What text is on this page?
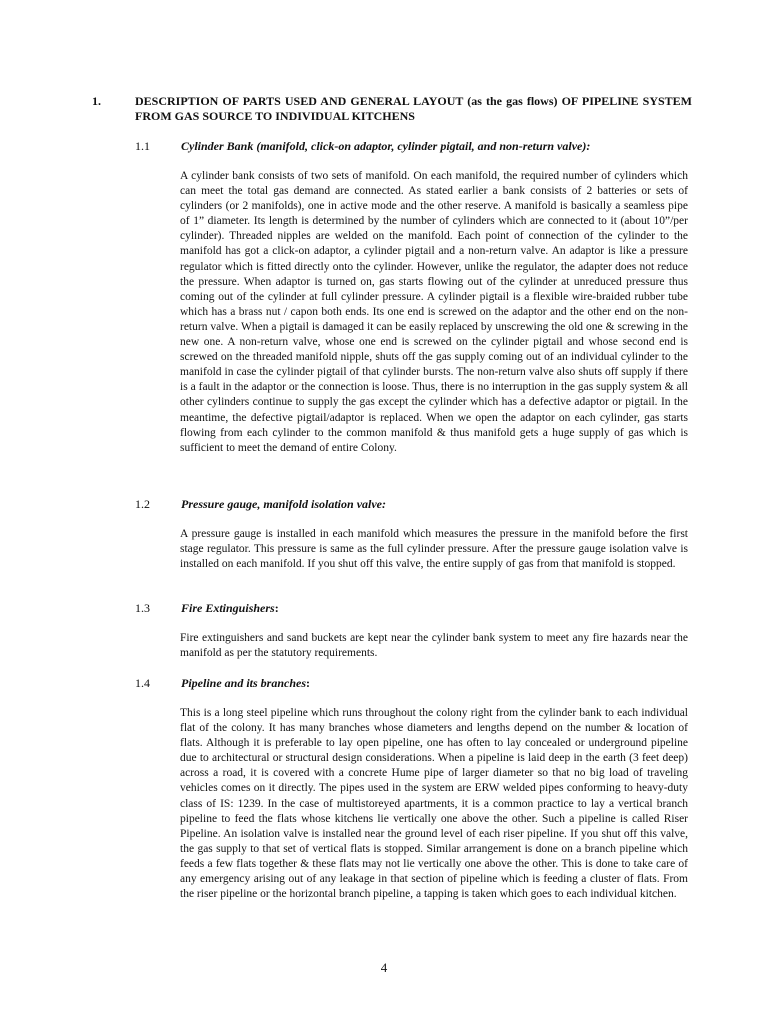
1.	DESCRIPTION OF PARTS USED AND GENERAL LAYOUT (as the gas flows) OF PIPELINE SYSTEM FROM GAS SOURCE TO INDIVIDUAL KITCHENS
1.1	Cylinder Bank (manifold, click-on adaptor, cylinder pigtail, and non-return valve):

A cylinder bank consists of two sets of manifold. On each manifold, the required number of cylinders which can meet the total gas demand are connected. As stated earlier a bank consists of 2 batteries or sets of cylinders (or 2 manifolds), one in active mode and the other reserve. A manifold is basically a seamless pipe of 1” diameter. Its length is determined by the number of cylinders which are connected to it (about 10”/per cylinder). Threaded nipples are welded on the manifold. Each point of connection of the cylinder to the manifold has got a click-on adaptor, a cylinder pigtail and a non-return valve. An adaptor is like a pressure regulator which is fitted directly onto the cylinder. However, unlike the regulator, the adapter does not reduce the pressure. When adaptor is turned on, gas starts flowing out of the cylinder at unreduced pressure thus coming out of the cylinder at full cylinder pressure. A cylinder pigtail is a flexible wire-braided rubber tube which has a brass nut / capon both ends. Its one end is screwed on the adaptor and the other end on the non-return valve. When a pigtail is damaged it can be easily replaced by unscrewing the old one & screwing in the new one. A non-return valve, whose one end is screwed on the cylinder pigtail and whose second end is screwed on the threaded manifold nipple, shuts off the gas supply coming out of an individual cylinder to the manifold in case the cylinder pigtail of that cylinder bursts. The non-return valve also shuts off supply if there is a fault in the adaptor or the connection is loose. Thus, there is no interruption in the gas supply system & all other cylinders continue to supply the gas except the cylinder which has a defective adaptor or pigtail. In the meantime, the defective pigtail/adaptor is replaced. When we open the adaptor on each cylinder, gas starts flowing from each cylinder to the common manifold & thus manifold gets a huge supply of gas which is sufficient to meet the demand of entire Colony.

1.2	Pressure gauge, manifold isolation valve:

A pressure gauge is installed in each manifold which measures the pressure in the manifold before the first stage regulator. This pressure is same as the full cylinder pressure. After the pressure gauge isolation valve is installed on each manifold. If you shut off this valve, the entire supply of gas from that manifold is stopped.

1.3	Fire Extinguishers:

Fire extinguishers and sand buckets are kept near the cylinder bank system to meet any fire hazards near the manifold as per the statutory requirements.

1.4	Pipeline and its branches:

This is a long steel pipeline which runs throughout the colony right from the cylinder bank to each individual flat of the colony. It has many branches whose diameters and lengths depend on the number & location of flats. Although it is preferable to lay open pipeline, one has often to lay concealed or underground pipeline due to architectural or structural design considerations. When a pipeline is laid deep in the earth (3 feet deep) across a road, it is covered with a concrete Hume pipe of larger diameter so that no big load of traveling vehicles comes on it directly. The pipes used in the system are ERW welded pipes conforming to heavy-duty class of IS: 1239. In the case of multistoreyed apartments, it is a common practice to lay a vertical branch pipeline to feed the flats whose kitchens lie vertically one above the other. Such a pipeline is called Riser Pipeline. An isolation valve is installed near the ground level of each riser pipeline. If you shut off this valve, the gas supply to that set of vertical flats is stopped. Similar arrangement is done on a branch pipeline which feeds a few flats together & these flats may not lie vertically one above the other. This is done to take care of any emergency arising out of any leakage in that section of pipeline which is feeding a cluster of flats. From the riser pipeline or the horizontal branch pipeline, a tapping is taken which goes to each individual kitchen.

4
